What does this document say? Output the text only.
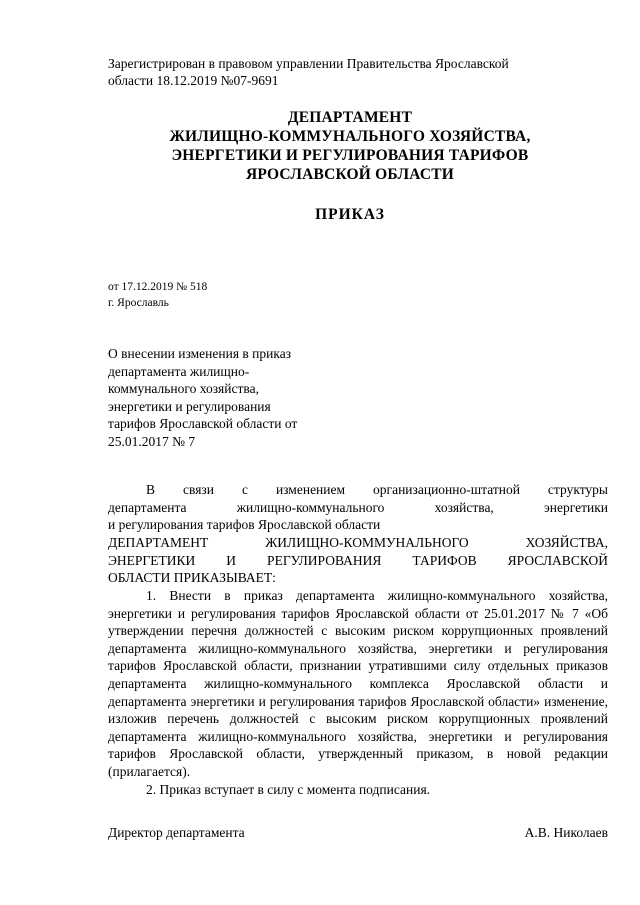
Зарегистрирован в правовом управлении Правительства Ярославской
области 18.12.2019 №07-9691
ДЕПАРТАМЕНТ
ЖИЛИЩНО-КОММУНАЛЬНОГО ХОЗЯЙСТВА,
ЭНЕРГЕТИКИ И РЕГУЛИРОВАНИЯ ТАРИФОВ
ЯРОСЛАВСКОЙ ОБЛАСТИ
ПРИКАЗ
от 17.12.2019 № 518
г. Ярославль
О внесении изменения в приказ
департамента жилищно-
коммунального хозяйства,
энергетики и регулирования
тарифов Ярославской области от
25.01.2017 № 7
В связи с изменением организационно-штатной структуры
департамента жилищно-коммунального хозяйства, энергетики
и регулирования тарифов Ярославской области
ДЕПАРТАМЕНТ ЖИЛИЩНО-КОММУНАЛЬНОГО ХОЗЯЙСТВА,
ЭНЕРГЕТИКИ И РЕГУЛИРОВАНИЯ ТАРИФОВ ЯРОСЛАВСКОЙ
ОБЛАСТИ ПРИКАЗЫВАЕТ:
1. Внести в приказ департамента жилищно-коммунального хозяйства, энергетики и регулирования тарифов Ярославской области от 25.01.2017 № 7 «Об утверждении перечня должностей с высоким риском коррупционных проявлений департамента жилищно-коммунального хозяйства, энергетики и регулирования тарифов Ярославской области, признании утратившими силу отдельных приказов департамента жилищно-коммунального комплекса Ярославской области и департамента энергетики и регулирования тарифов Ярославской области» изменение, изложив перечень должностей с высоким риском коррупционных проявлений департамента жилищно-коммунального хозяйства, энергетики и регулирования тарифов Ярославской области, утвержденный приказом, в новой редакции (прилагается).
2. Приказ вступает в силу с момента подписания.
Директор департамента	А.В. Николаев
